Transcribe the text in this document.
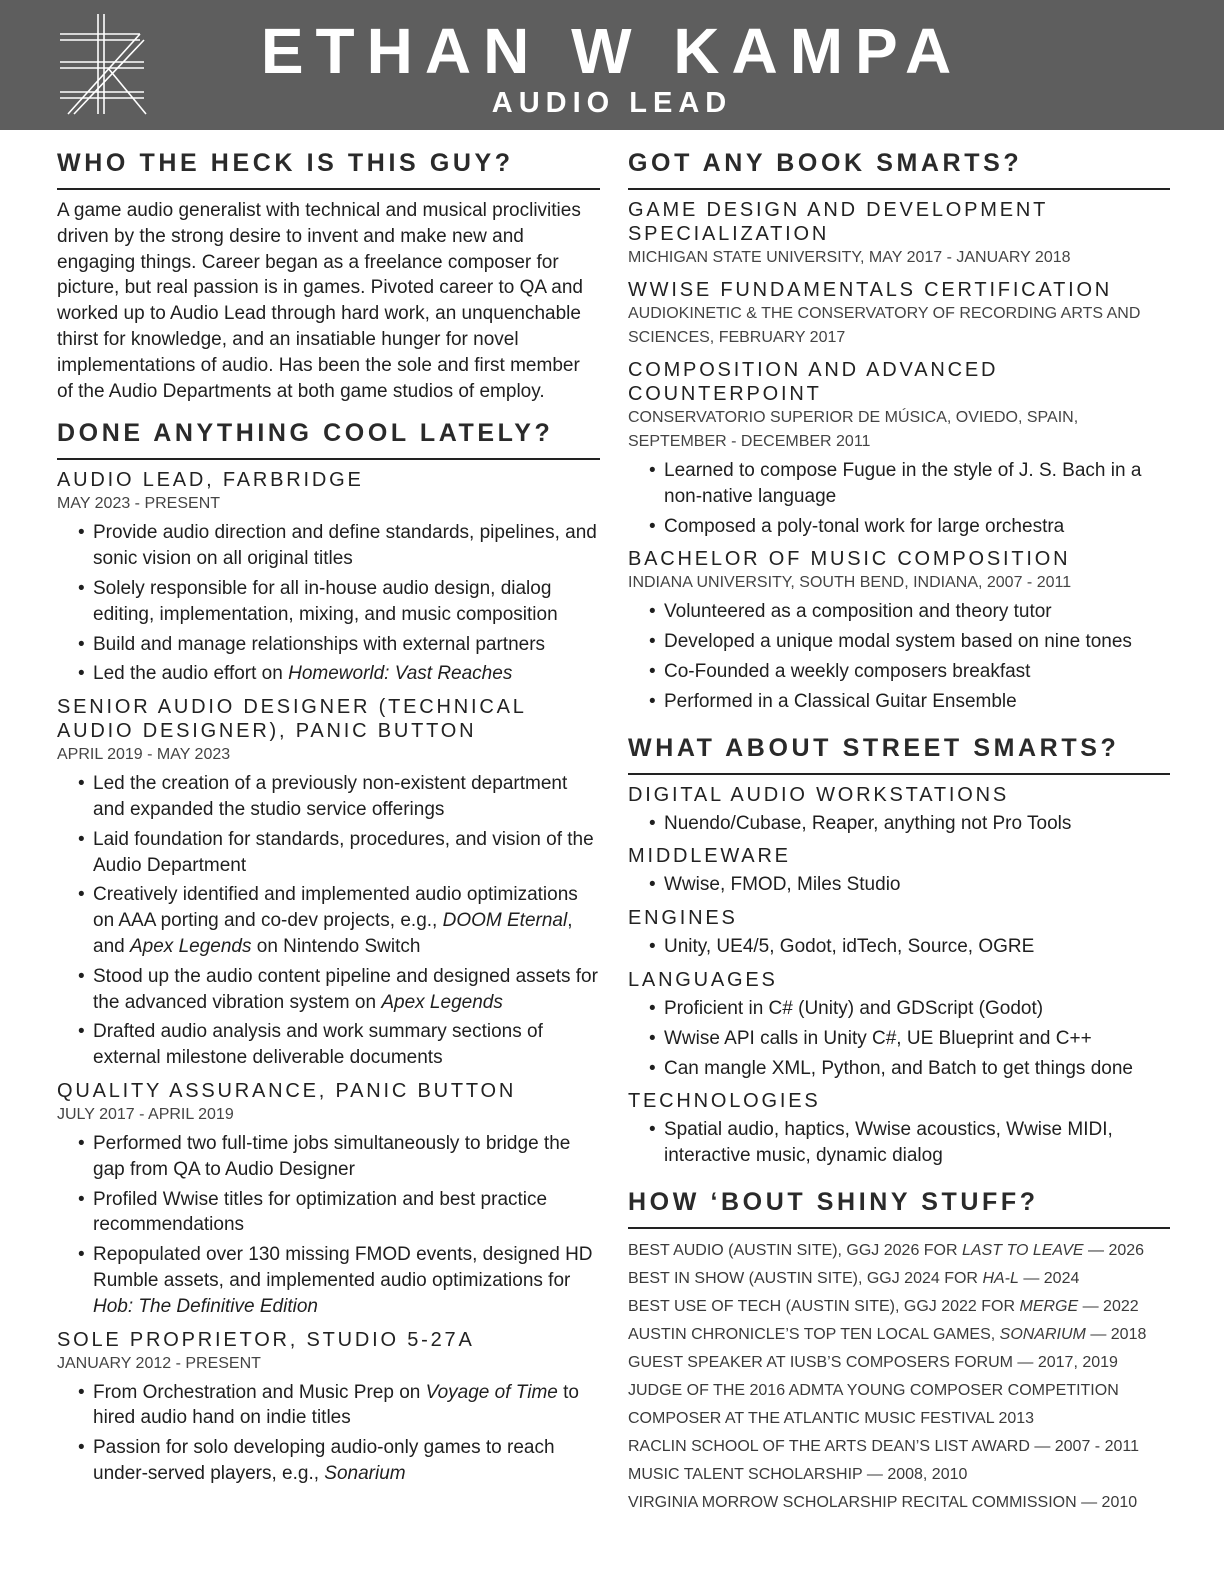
ETHAN W KAMPA
AUDIO LEAD
WHO THE HECK IS THIS GUY?
A game audio generalist with technical and musical proclivities driven by the strong desire to invent and make new and engaging things. Career began as a freelance composer for picture, but real passion is in games. Pivoted career to QA and worked up to Audio Lead through hard work, an unquenchable thirst for knowledge, and an insatiable hunger for novel implementations of audio. Has been the sole and first member of the Audio Departments at both game studios of employ.
DONE ANYTHING COOL LATELY?
AUDIO LEAD, FARBRIDGE
MAY 2023 - PRESENT
• Provide audio direction and define standards, pipelines, and sonic vision on all original titles
• Solely responsible for all in-house audio design, dialog editing, implementation, mixing, and music composition
• Build and manage relationships with external partners
• Led the audio effort on Homeworld: Vast Reaches
SENIOR AUDIO DESIGNER (TECHNICAL AUDIO DESIGNER), PANIC BUTTON
APRIL 2019 - MAY 2023
• Led the creation of a previously non-existent department and expanded the studio service offerings
• Laid foundation for standards, procedures, and vision of the Audio Department
• Creatively identified and implemented audio optimizations on AAA porting and co-dev projects, e.g., DOOM Eternal, and Apex Legends on Nintendo Switch
• Stood up the audio content pipeline and designed assets for the advanced vibration system on Apex Legends
• Drafted audio analysis and work summary sections of external milestone deliverable documents
QUALITY ASSURANCE, PANIC BUTTON
JULY 2017 - APRIL 2019
• Performed two full-time jobs simultaneously to bridge the gap from QA to Audio Designer
• Profiled Wwise titles for optimization and best practice recommendations
• Repopulated over 130 missing FMOD events, designed HD Rumble assets, and implemented audio optimizations for Hob: The Definitive Edition
SOLE PROPRIETOR, STUDIO 5-27A
JANUARY 2012 - PRESENT
• From Orchestration and Music Prep on Voyage of Time to hired audio hand on indie titles
• Passion for solo developing audio-only games to reach under-served players, e.g., Sonarium
GOT ANY BOOK SMARTS?
GAME DESIGN AND DEVELOPMENT SPECIALIZATION
MICHIGAN STATE UNIVERSITY, MAY 2017 - JANUARY 2018
WWISE FUNDAMENTALS CERTIFICATION
AUDIOKINETIC & THE CONSERVATORY OF RECORDING ARTS AND SCIENCES, FEBRUARY 2017
COMPOSITION AND ADVANCED COUNTERPOINT
CONSERVATORIO SUPERIOR DE MÚSICA, OVIEDO, SPAIN, SEPTEMBER - DECEMBER 2011
• Learned to compose Fugue in the style of J. S. Bach in a non-native language
• Composed a poly-tonal work for large orchestra
BACHELOR OF MUSIC COMPOSITION
INDIANA UNIVERSITY, SOUTH BEND, INDIANA, 2007 - 2011
• Volunteered as a composition and theory tutor
• Developed a unique modal system based on nine tones
• Co-Founded a weekly composers breakfast
• Performed in a Classical Guitar Ensemble
WHAT ABOUT STREET SMARTS?
DIGITAL AUDIO WORKSTATIONS
• Nuendo/Cubase, Reaper, anything not Pro Tools
MIDDLEWARE
• Wwise, FMOD, Miles Studio
ENGINES
• Unity, UE4/5, Godot, idTech, Source, OGRE
LANGUAGES
• Proficient in C# (Unity) and GDScript (Godot)
• Wwise API calls in Unity C#, UE Blueprint and C++
• Can mangle XML, Python, and Batch to get things done
TECHNOLOGIES
• Spatial audio, haptics, Wwise acoustics, Wwise MIDI, interactive music, dynamic dialog
HOW ‘BOUT SHINY STUFF?
BEST AUDIO (AUSTIN SITE), GGJ 2026 FOR LAST TO LEAVE — 2026
BEST IN SHOW (AUSTIN SITE), GGJ 2024 FOR HA-L — 2024
BEST USE OF TECH (AUSTIN SITE), GGJ 2022 FOR MERGE — 2022
AUSTIN CHRONICLE’S TOP TEN LOCAL GAMES, SONARIUM — 2018
GUEST SPEAKER AT IUSB’S COMPOSERS FORUM — 2017, 2019
JUDGE OF THE 2016 ADMTA YOUNG COMPOSER COMPETITION
COMPOSER AT THE ATLANTIC MUSIC FESTIVAL 2013
RACLIN SCHOOL OF THE ARTS DEAN’S LIST AWARD — 2007 - 2011
MUSIC TALENT SCHOLARSHIP — 2008, 2010
VIRGINIA MORROW SCHOLARSHIP RECITAL COMMISSION — 2010
